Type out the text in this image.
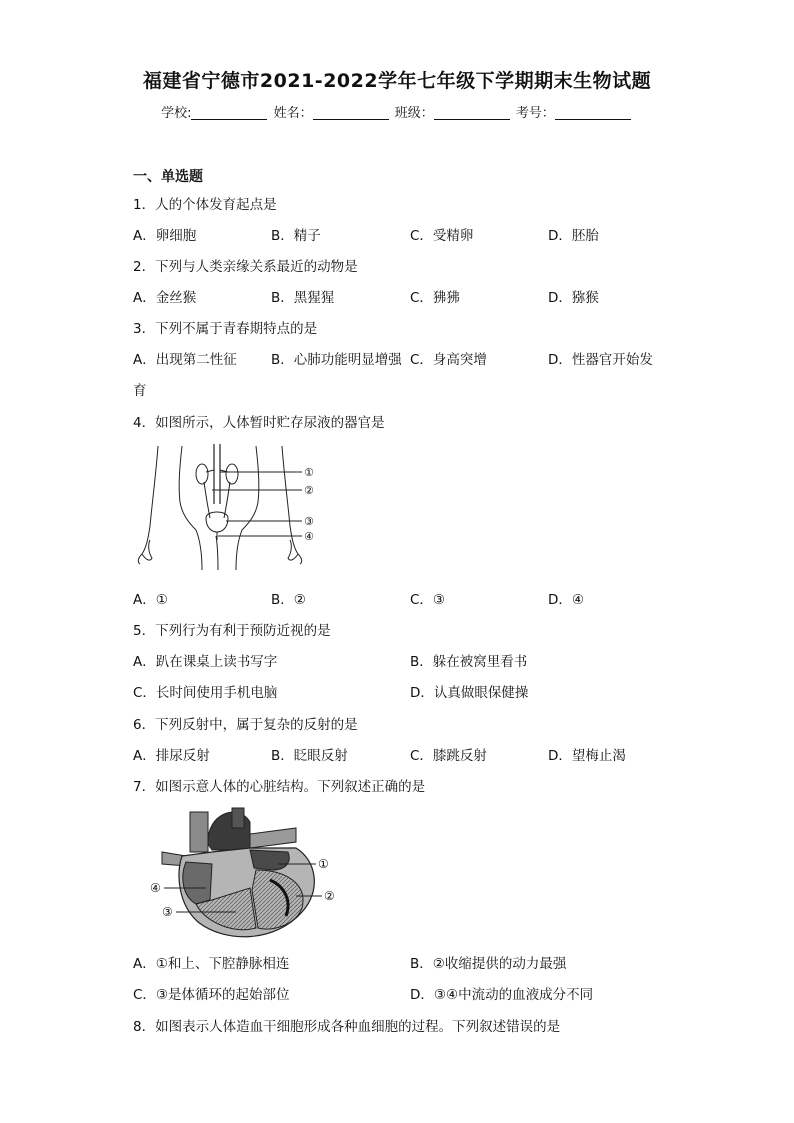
福建省宁德市2021-2022学年七年级下学期期末生物试题
学校:	姓名：	班级：	考号：
一、单选题
1．人的个体发育起点是
A．卵细胞	B．精子	C．受精卵	D．胚胎
2．下列与人类亲缘关系最近的动物是
A．金丝猴	B．黑猩猩	C．狒狒	D．猕猴
3．下列不属于青春期特点的是
A．出现第二性征	B．心肺功能明显增强 C．身高突增	D．性器官开始发
育
4．如图所示，人体暂时贮存尿液的器官是
①
②
③
④
A．①	B．②	C．③	D．④
5．下列行为有利于预防近视的是
A．趴在课桌上读书写字	B．躲在被窝里看书
C．长时间使用手机电脑	D．认真做眼保健操
6．下列反射中，属于复杂的反射的是
A．排尿反射	B．眨眼反射	C．膝跳反射	D．望梅止渴
7．如图示意人体的心脏结构。下列叙述正确的是
①
②
③
④
A．①和上、下腔静脉相连	B．②收缩提供的动力最强
C．③是体循环的起始部位	D．③④中流动的血液成分不同
8．如图表示人体造血干细胞形成各种血细胞的过程。下列叙述错误的是
